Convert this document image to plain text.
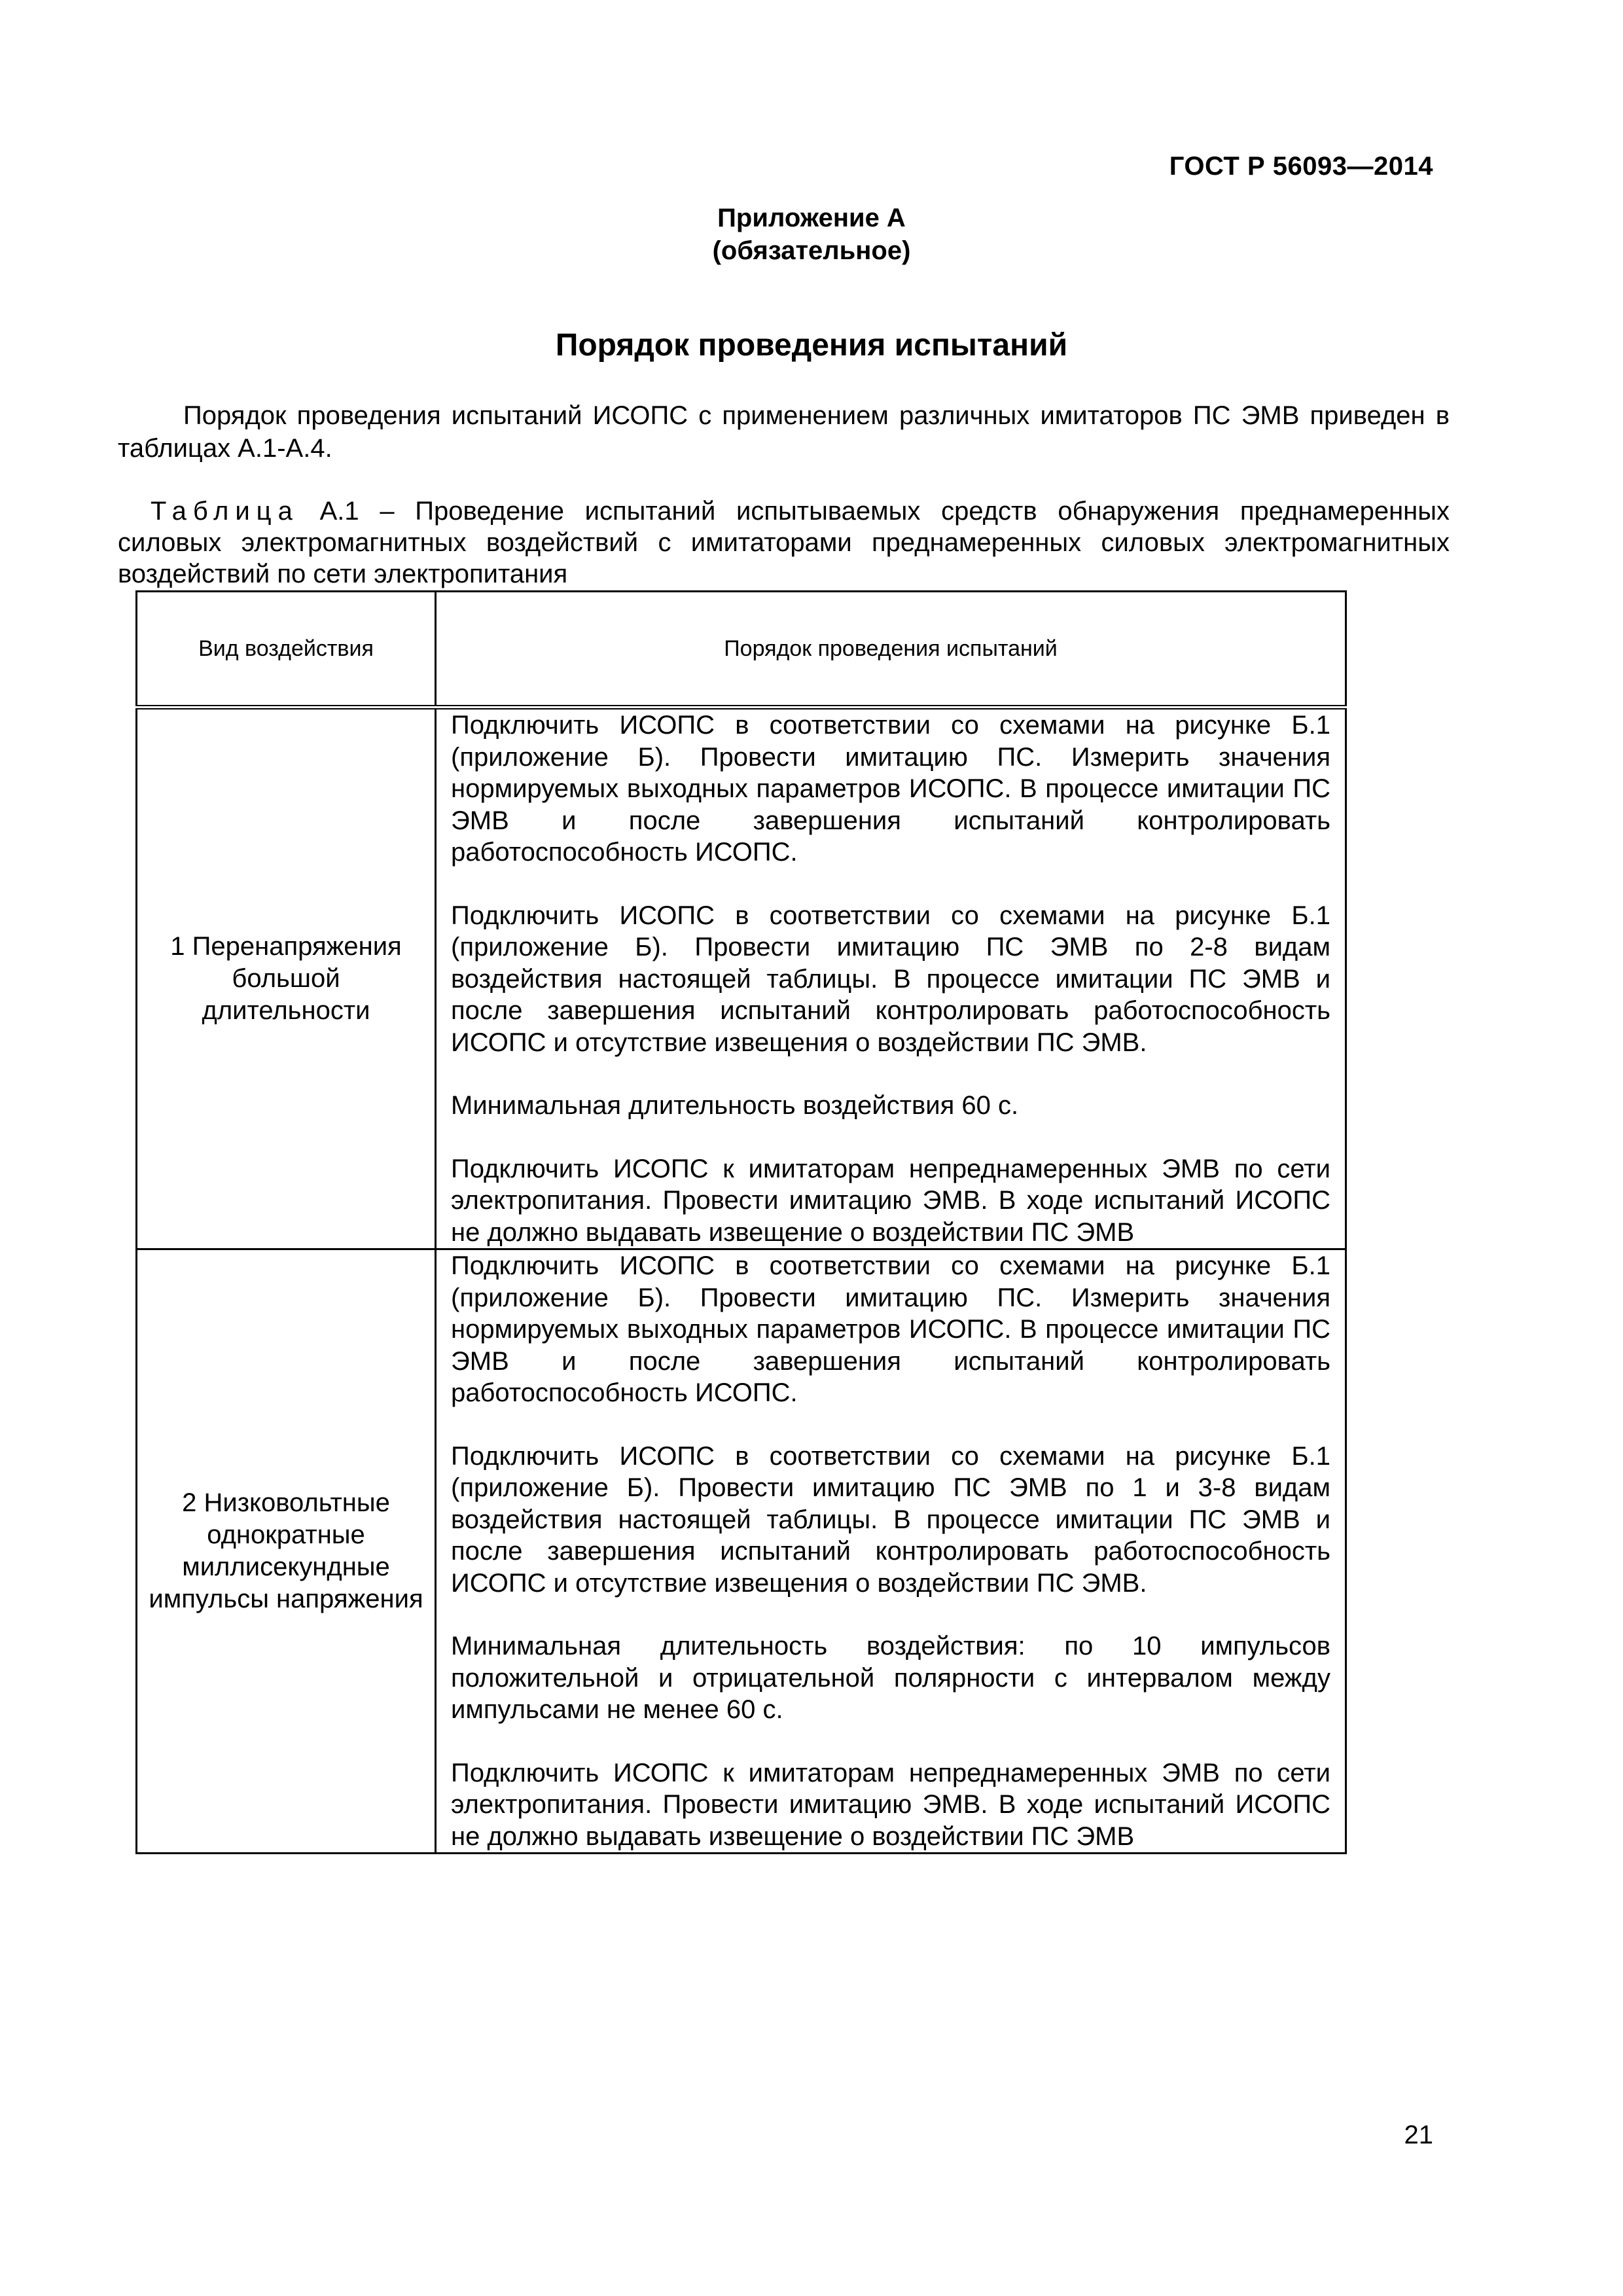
ГОСТ Р 56093—2014
Приложение А
(обязательное)
Порядок проведения испытаний

Порядок проведения испытаний ИСОПС с применением различных имитаторов ПС ЭМВ приведен в таблицах А.1-А.4.

Таблица А.1 – Проведение испытаний испытываемых средств обнаружения преднамеренных силовых электромагнитных воздействий с имитаторами преднамеренных силовых электромагнитных воздействий по сети электропитания

Вид воздействия	Порядок проведения испытаний
1 Перенапряжения большой длительности	Подключить ИСОПС в соответствии со схемами на рисунке Б.1 (приложение Б). Провести имитацию ПС. Измерить значения нормируемых выходных параметров ИСОПС. В процессе имитации ПС ЭМВ и после завершения испытаний контролировать работоспособность ИСОПС.

Подключить ИСОПС в соответствии со схемами на рисунке Б.1 (приложение Б). Провести имитацию ПС ЭМВ по 2-8 видам воздействия настоящей таблицы. В процессе имитации ПС ЭМВ и после завершения испытаний контролировать работоспособность ИСОПС и отсутствие извещения о воздействии ПС ЭМВ.

Минимальная длительность воздействия 60 с.

Подключить ИСОПС к имитаторам непреднамеренных ЭМВ по сети электропитания. Провести имитацию ЭМВ. В ходе испытаний ИСОПС не должно выдавать извещение о воздействии ПС ЭМВ

2 Низковольтные однократные миллисекундные импульсы напряжения	Подключить ИСОПС в соответствии со схемами на рисунке Б.1 (приложение Б). Провести имитацию ПС. Измерить значения нормируемых выходных параметров ИСОПС. В процессе имитации ПС ЭМВ и после завершения испытаний контролировать работоспособность ИСОПС.

Подключить ИСОПС в соответствии со схемами на рисунке Б.1 (приложение Б). Провести имитацию ПС ЭМВ по 1 и 3-8 видам воздействия настоящей таблицы. В процессе имитации ПС ЭМВ и после завершения испытаний контролировать работоспособность ИСОПС и отсутствие извещения о воздействии ПС ЭМВ.

Минимальная длительность воздействия: по 10 импульсов положительной и отрицательной полярности с интервалом между импульсами не менее 60 с.

Подключить ИСОПС к имитаторам непреднамеренных ЭМВ по сети электропитания. Провести имитацию ЭМВ. В ходе испытаний ИСОПС не должно выдавать извещение о воздействии ПС ЭМВ

21
